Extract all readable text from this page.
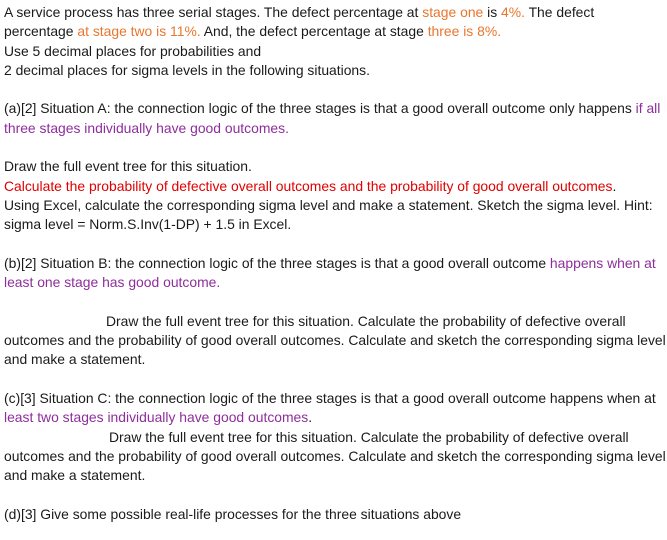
A service process has three serial stages. The defect percentage at stage one is 4%. The defect percentage at stage two is 11%. And, the defect percentage at stage three is 8%.

Use 5 decimal places for probabilities and

2 decimal places for sigma levels in the following situations.

(a)[2] Situation A: the connection logic of the three stages is that a good overall outcome only happens if all three stages individually have good outcomes.

Draw the full event tree for this situation.

Calculate the probability of defective overall outcomes and the probability of good overall outcomes.

Using Excel, calculate the corresponding sigma level and make a statement. Sketch the sigma level. Hint: sigma level = Norm.S.Inv(1-DP) + 1.5 in Excel.

(b)[2] Situation B: the connection logic of the three stages is that a good overall outcome happens when at least one stage has good outcome.

Draw the full event tree for this situation. Calculate the probability of defective overall
outcomes and the probability of good overall outcomes. Calculate and sketch the corresponding sigma level and make a statement.

(c)[3] Situation C: the connection logic of the three stages is that a good overall outcome happens when at least two stages individually have good outcomes.

Draw the full event tree for this situation. Calculate the probability of defective overall
outcomes and the probability of good overall outcomes. Calculate and sketch the corresponding sigma level and make a statement.

(d)[3] Give some possible real-life processes for the three situations above
